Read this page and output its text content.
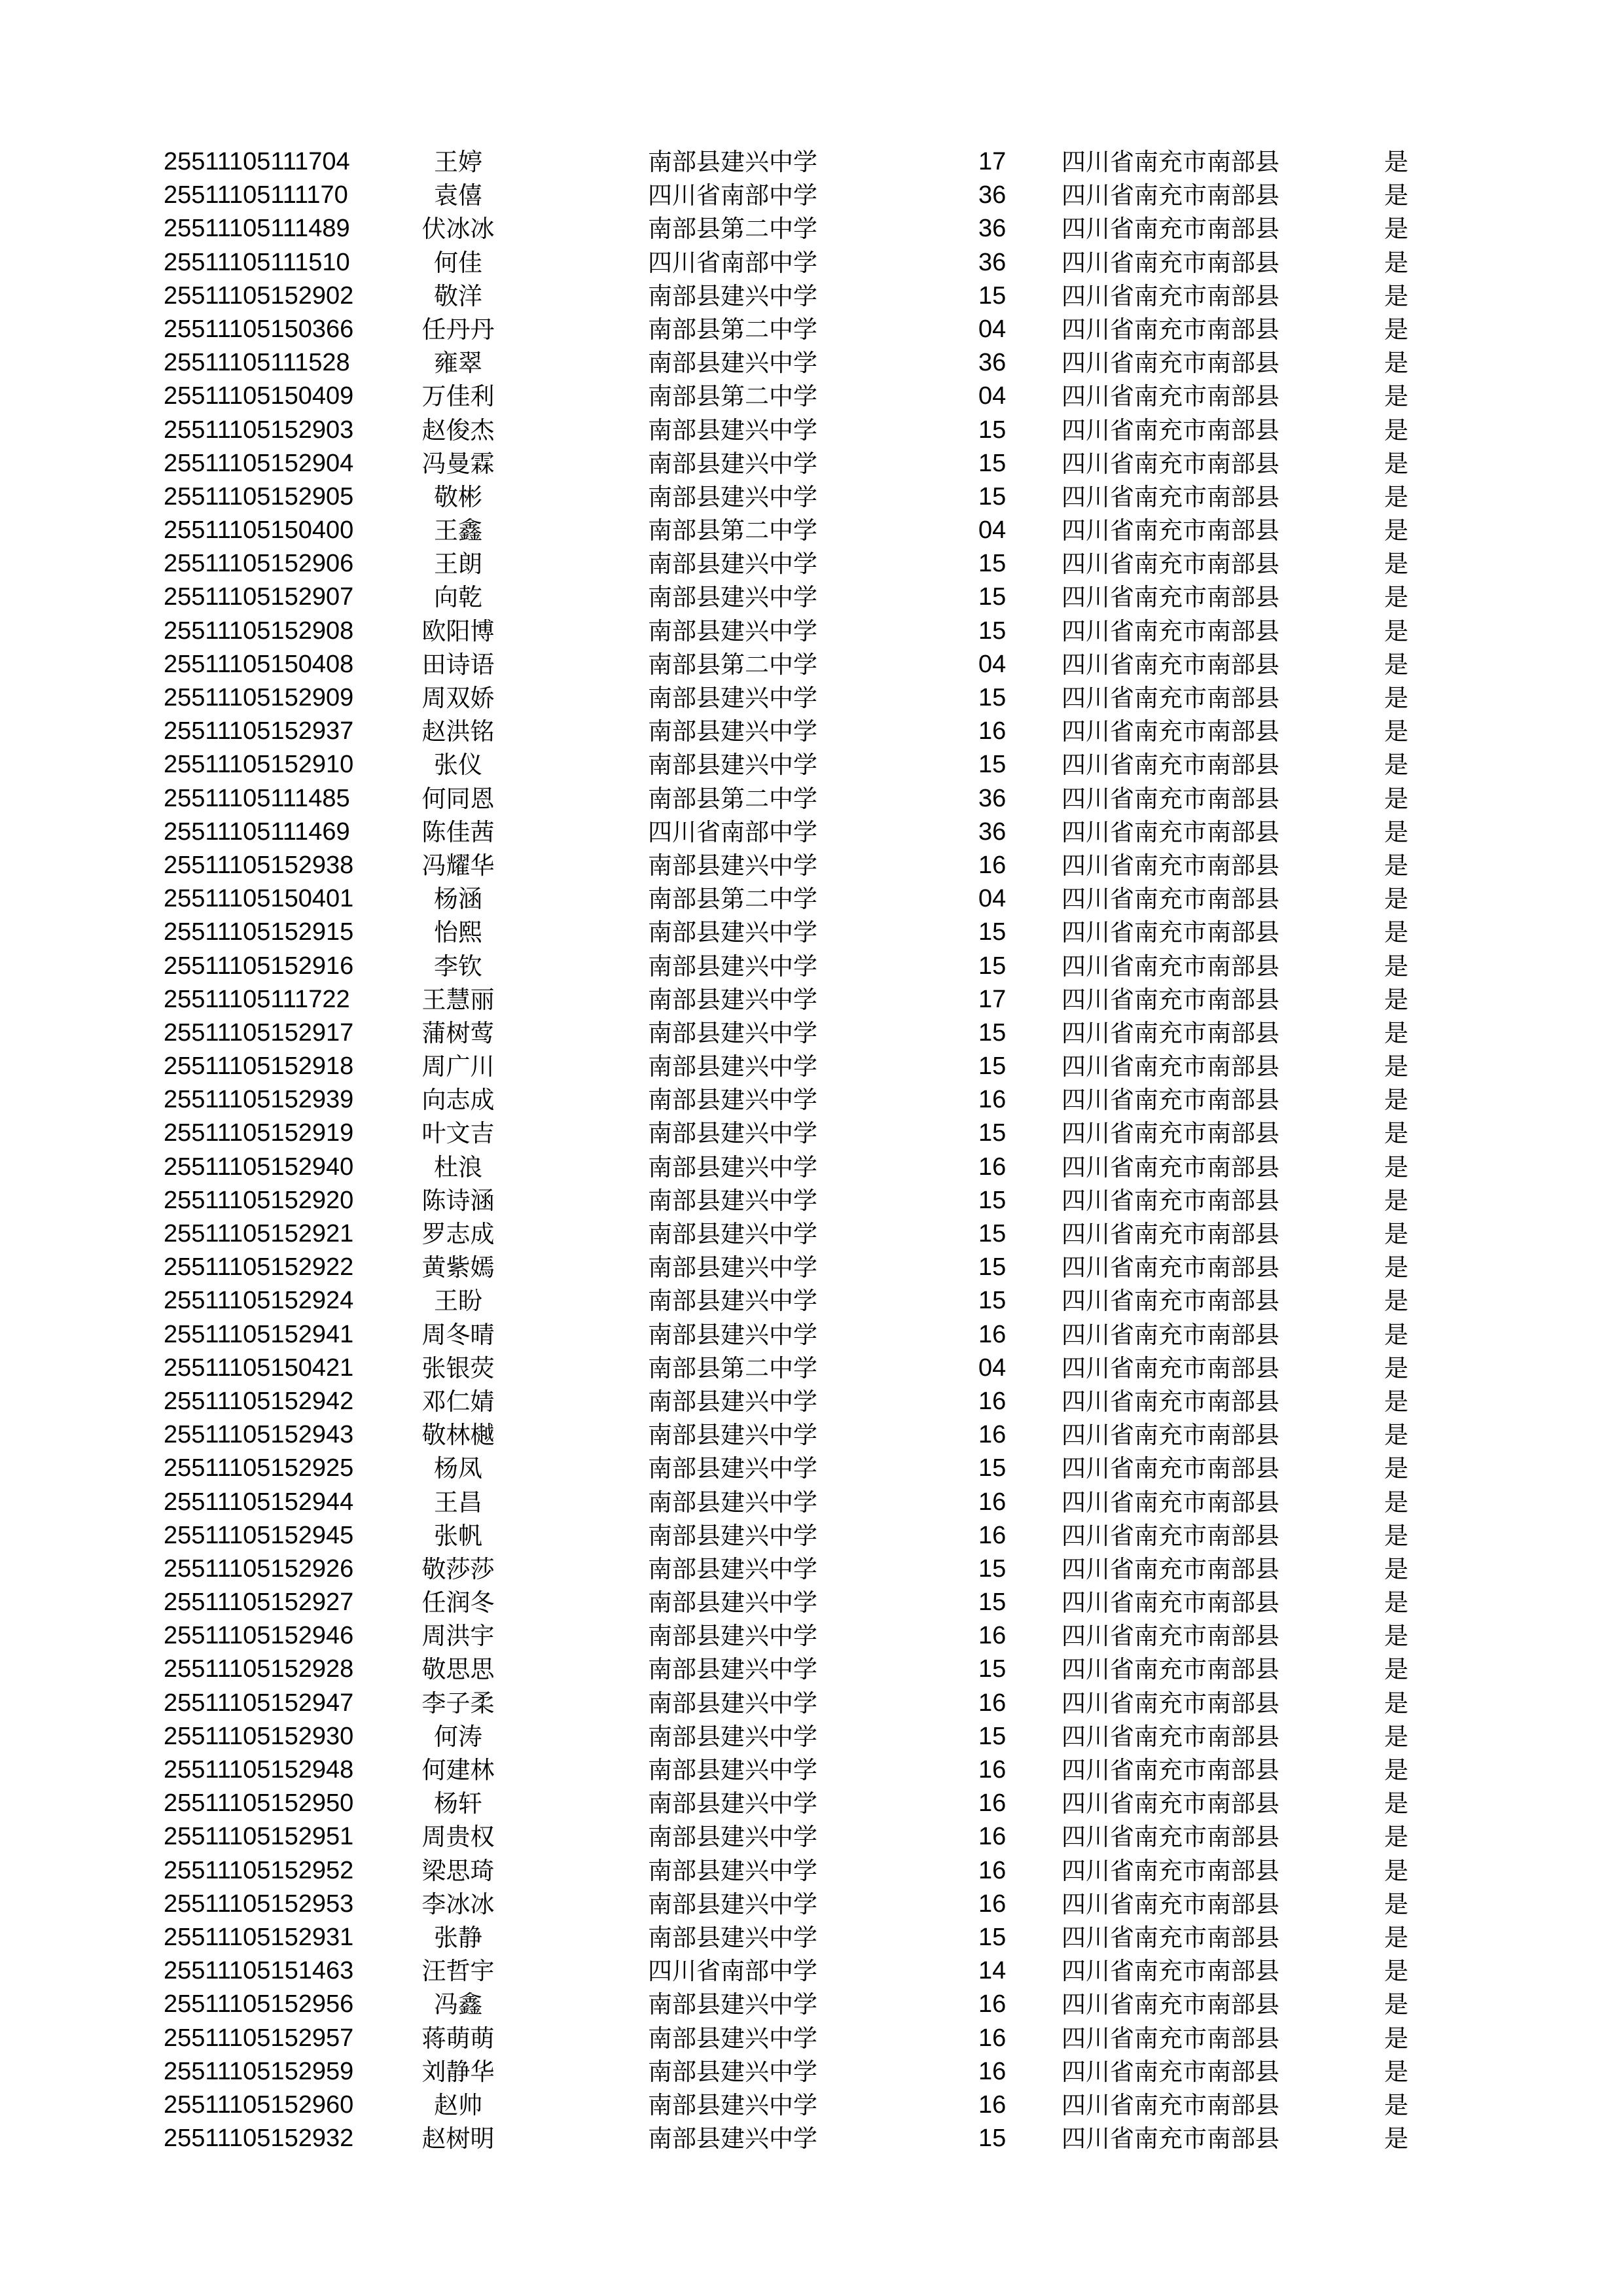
25511105111704	王婷	南部县建兴中学	17	四川省南充市南部县	是
25511105111170	袁僖	四川省南部中学	36	四川省南充市南部县	是
25511105111489	伏冰冰	南部县第二中学	36	四川省南充市南部县	是
25511105111510	何佳	四川省南部中学	36	四川省南充市南部县	是
25511105152902	敬洋	南部县建兴中学	15	四川省南充市南部县	是
25511105150366	任丹丹	南部县第二中学	04	四川省南充市南部县	是
25511105111528	雍翠	南部县建兴中学	36	四川省南充市南部县	是
25511105150409	万佳利	南部县第二中学	04	四川省南充市南部县	是
25511105152903	赵俊杰	南部县建兴中学	15	四川省南充市南部县	是
25511105152904	冯曼霖	南部县建兴中学	15	四川省南充市南部县	是
25511105152905	敬彬	南部县建兴中学	15	四川省南充市南部县	是
25511105150400	王鑫	南部县第二中学	04	四川省南充市南部县	是
25511105152906	王朗	南部县建兴中学	15	四川省南充市南部县	是
25511105152907	向乾	南部县建兴中学	15	四川省南充市南部县	是
25511105152908	欧阳博	南部县建兴中学	15	四川省南充市南部县	是
25511105150408	田诗语	南部县第二中学	04	四川省南充市南部县	是
25511105152909	周双娇	南部县建兴中学	15	四川省南充市南部县	是
25511105152937	赵洪铭	南部县建兴中学	16	四川省南充市南部县	是
25511105152910	张仪	南部县建兴中学	15	四川省南充市南部县	是
25511105111485	何同恩	南部县第二中学	36	四川省南充市南部县	是
25511105111469	陈佳茜	四川省南部中学	36	四川省南充市南部县	是
25511105152938	冯耀华	南部县建兴中学	16	四川省南充市南部县	是
25511105150401	杨涵	南部县第二中学	04	四川省南充市南部县	是
25511105152915	怡熙	南部县建兴中学	15	四川省南充市南部县	是
25511105152916	李钦	南部县建兴中学	15	四川省南充市南部县	是
25511105111722	王慧丽	南部县建兴中学	17	四川省南充市南部县	是
25511105152917	蒲树莺	南部县建兴中学	15	四川省南充市南部县	是
25511105152918	周广川	南部县建兴中学	15	四川省南充市南部县	是
25511105152939	向志成	南部县建兴中学	16	四川省南充市南部县	是
25511105152919	叶文吉	南部县建兴中学	15	四川省南充市南部县	是
25511105152940	杜浪	南部县建兴中学	16	四川省南充市南部县	是
25511105152920	陈诗涵	南部县建兴中学	15	四川省南充市南部县	是
25511105152921	罗志成	南部县建兴中学	15	四川省南充市南部县	是
25511105152922	黄紫嫣	南部县建兴中学	15	四川省南充市南部县	是
25511105152924	王盼	南部县建兴中学	15	四川省南充市南部县	是
25511105152941	周冬晴	南部县建兴中学	16	四川省南充市南部县	是
25511105150421	张银荧	南部县第二中学	04	四川省南充市南部县	是
25511105152942	邓仁婧	南部县建兴中学	16	四川省南充市南部县	是
25511105152943	敬林樾	南部县建兴中学	16	四川省南充市南部县	是
25511105152925	杨凤	南部县建兴中学	15	四川省南充市南部县	是
25511105152944	王昌	南部县建兴中学	16	四川省南充市南部县	是
25511105152945	张帆	南部县建兴中学	16	四川省南充市南部县	是
25511105152926	敬莎莎	南部县建兴中学	15	四川省南充市南部县	是
25511105152927	任润冬	南部县建兴中学	15	四川省南充市南部县	是
25511105152946	周洪宇	南部县建兴中学	16	四川省南充市南部县	是
25511105152928	敬思思	南部县建兴中学	15	四川省南充市南部县	是
25511105152947	李子柔	南部县建兴中学	16	四川省南充市南部县	是
25511105152930	何涛	南部县建兴中学	15	四川省南充市南部县	是
25511105152948	何建林	南部县建兴中学	16	四川省南充市南部县	是
25511105152950	杨轩	南部县建兴中学	16	四川省南充市南部县	是
25511105152951	周贵权	南部县建兴中学	16	四川省南充市南部县	是
25511105152952	梁思琦	南部县建兴中学	16	四川省南充市南部县	是
25511105152953	李冰冰	南部县建兴中学	16	四川省南充市南部县	是
25511105152931	张静	南部县建兴中学	15	四川省南充市南部县	是
25511105151463	汪哲宇	四川省南部中学	14	四川省南充市南部县	是
25511105152956	冯鑫	南部县建兴中学	16	四川省南充市南部县	是
25511105152957	蒋萌萌	南部县建兴中学	16	四川省南充市南部县	是
25511105152959	刘静华	南部县建兴中学	16	四川省南充市南部县	是
25511105152960	赵帅	南部县建兴中学	16	四川省南充市南部县	是
25511105152932	赵树明	南部县建兴中学	15	四川省南充市南部县	是
